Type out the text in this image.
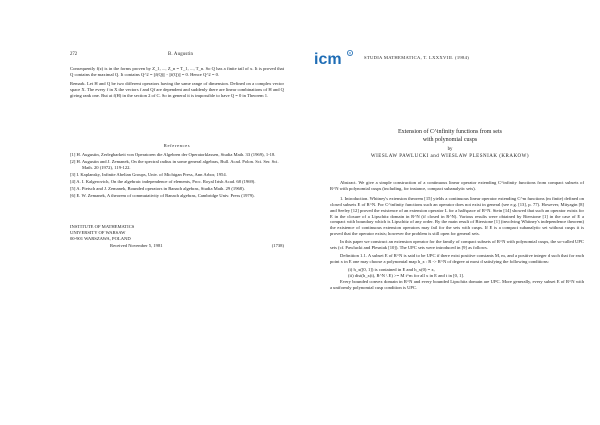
272	B. Augustin

Consequently f(z) is in the forms proven by Z_1, ..., Z_n = T_1, ..., T_n. So Q has a finite tail of x. It is proved that Q contains the maximal Q. It contains Q^2 = ||f(Q)|| - ||f(Q)|| = 0. Hence Q^2 = 0.

Remark. Let H and Q be two different operators having the same range of dimension. Defined on a complex vector space X. The every f in X the vectors f and Qf are dependent and suddenly there are linear combinations of H and Q giving rank one. But at f(H) in the section 2 of C. So in general it is impossible to have Q = 0 in Theorem 1.

References
[1] H. Augustin, Zerlegbarkeit von Operatoren die Algebren der Operatorklassen, Studia Math. 33 (1969), 1-18.
[2] H. Augustin and J. Zemanek, On the spectral radius in some general algebras, Bull. Acad. Polon. Sci. Ser. Sci. Math. 20 (1972), 119-122.
[3] I. Kaplansky, Infinite Abelian Groups, Univ. of Michigan Press, Ann Arbor, 1954.
[4] A. I. Kalgerovich, On the algebraic independence of elements, Proc. Royal Irish Acad. 68 (1969).
[5] A. Pietsch and J. Zemanek, Bounded operators in Banach algebras, Studia Math. 29 (1968).
[6] E. W. Zemanek, A theorem of commutativity of Banach algebras, Cambridge Univ. Press (1979).
INSTITUTE OF MATHEMATICS
UNIVERSITY OF WARSAW
00-901 WARSZAWA, POLAND
Received November 5, 1981	(1738)
icm R
STUDIA MATHEMATICA, T. LXXXVIII. (1984)
Extension of C^infinity functions from sets
with polynomial cusps
by
WIESLAW PAWLUCKI and WIESLAW PLESNIAK (KRAKOW)

Abstract. We give a simple construction of a continuous linear operator extending C^infinity functions from compact subsets of R^N with polynomial cusps (including, for instance, compact subanalytic sets).

1. Introduction. Whitney's extension theorem [15] yields a continuous linear operator extending C^m functions (m finite) defined on closed subsets E of R^N. For C^infinity functions such an operator does not exist in general (see e.g. [13], p. 77). However, Mityagin [8] and Seeley [12] proved the existence of an extension operator L for a halfspace of R^N. Stein [14] showed that such an operator exists for E in the closure of a Lipschitz domain in R^N (if closed in R^N). Various results were obtained by Bierstone [1] in the case of E a compact with boundary which is Lipschitz of any order. By the main result of Bierstone [1] (involving Whitney's independence theorem) the existence of continuous extension operators may fail for the sets with cusps. If E is a compact subanalytic set without cusps it is proved that the operator exists; however the problem is still open for general sets.

In this paper we construct an extension operator for the family of compact subsets of R^N with polynomial cusps, the so-called UPC sets (cf. Pawlucki and Plesniak [10]). The UPC sets were introduced in [9] as follows.

Definition 1.1. A subset E of R^N is said to be UPC if there exist positive constants M, m, and a positive integer d such that for each point x in E one may choose a polynomial map h_x : R -> R^N of degree at most d satisfying the following conditions:

(i) h_x([0, 1]) is contained in E and h_x(0) = x,

(ii) dist(h_x(t), R^N \ E) >= M t^m for all x in E and t in [0, 1].

Every bounded convex domain in R^N and every bounded Lipschitz domain are UPC. More generally, every subset E of R^N with a uniformly polynomial cusp condition is UPC.
